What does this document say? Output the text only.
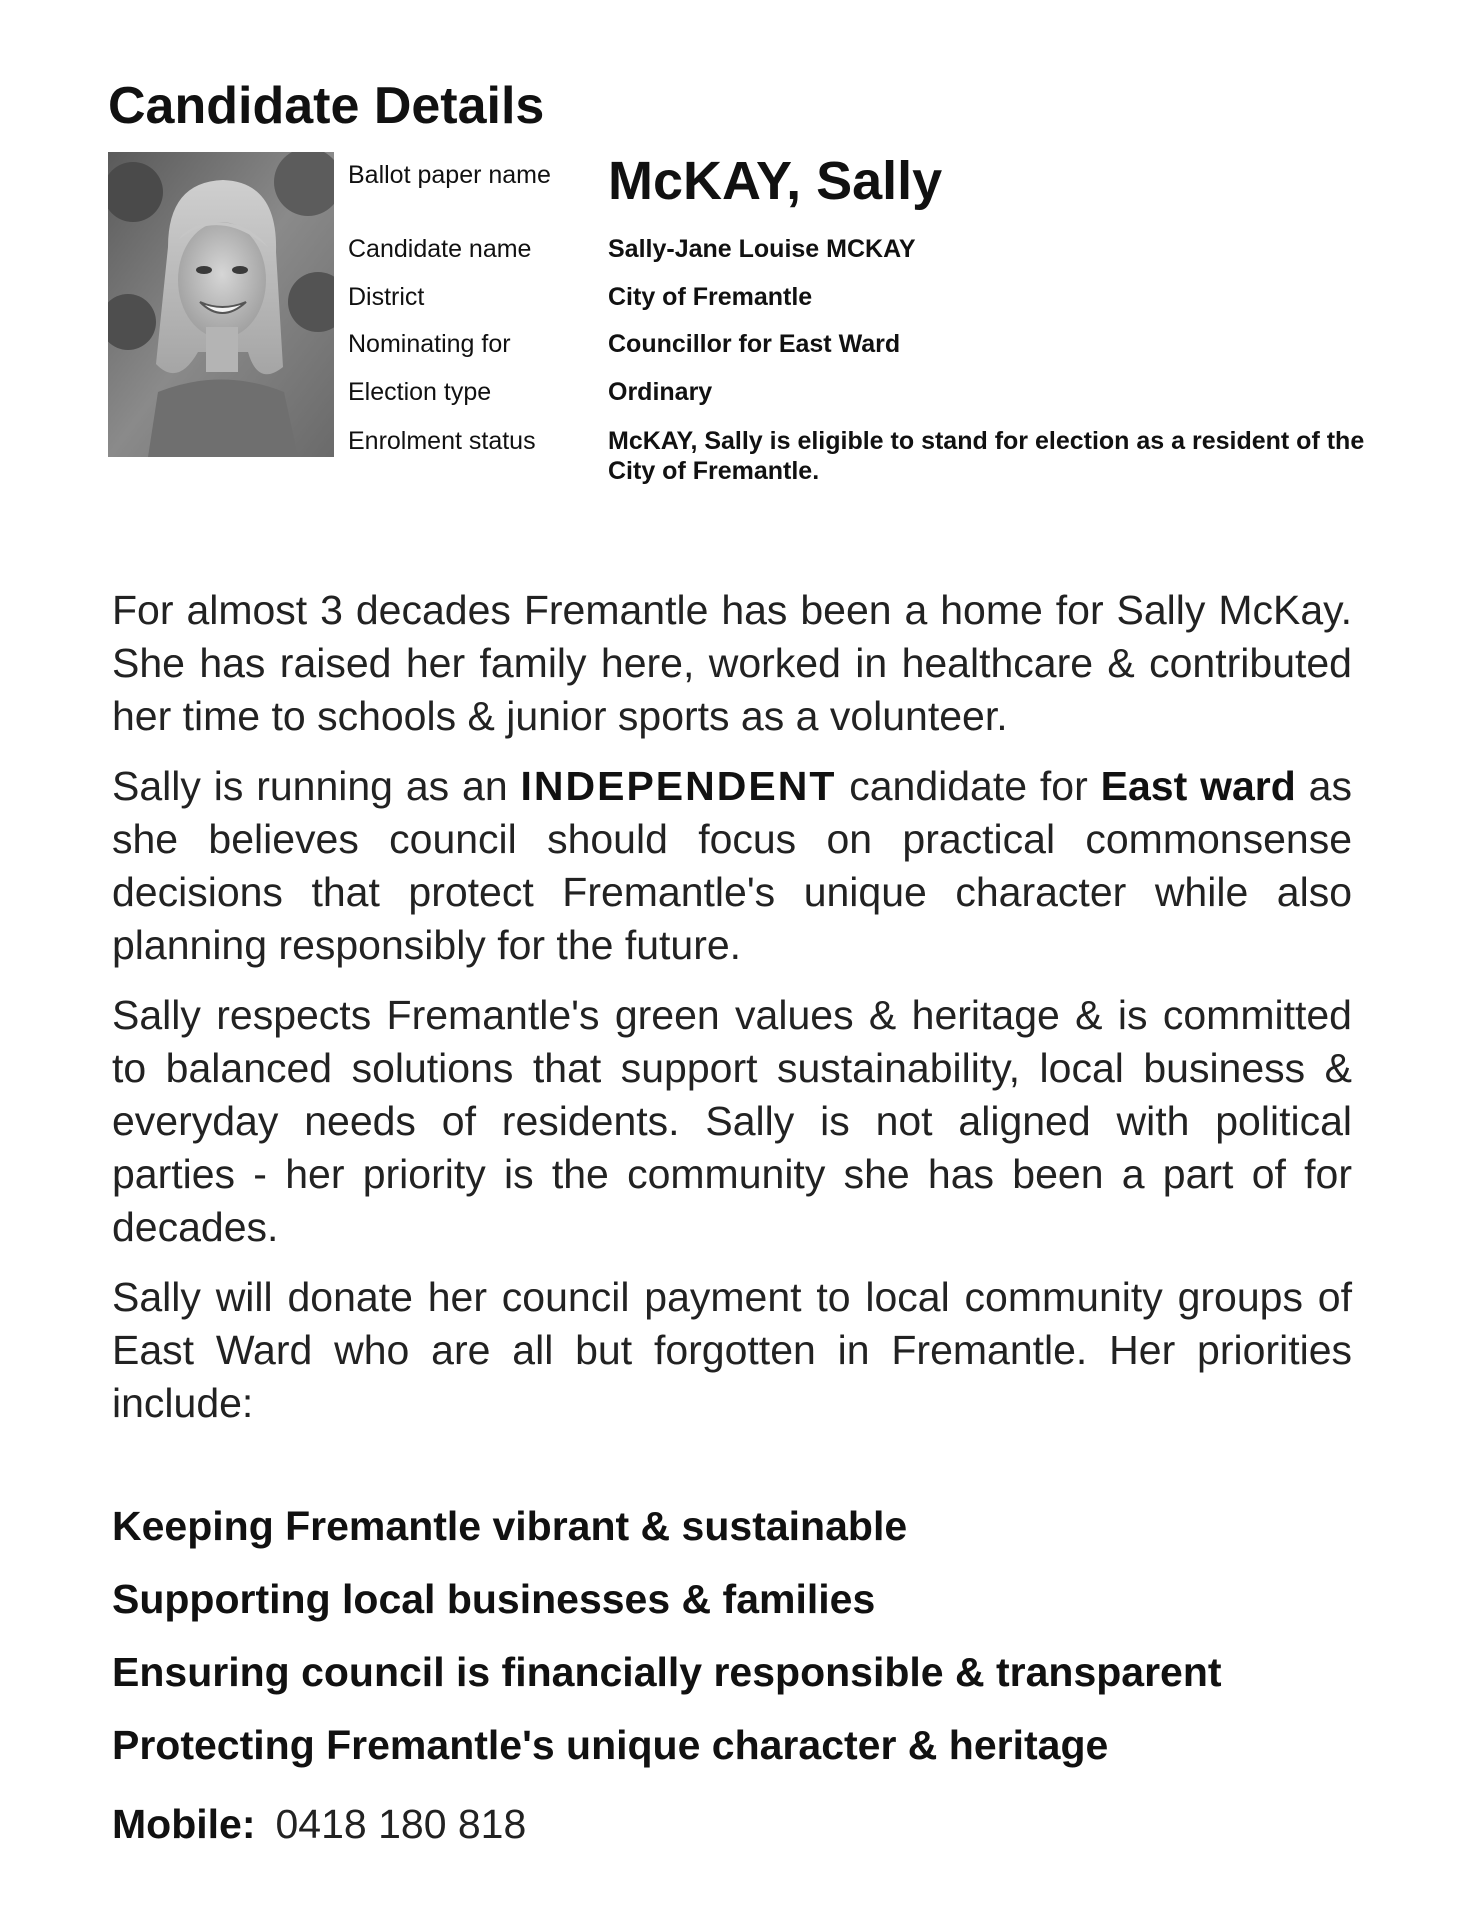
Candidate Details
Ballot paper name McKAY, Sally
Candidate name	Sally-Jane Louise MCKAY
District	City of Fremantle
Nominating for	Councillor for East Ward
Election type	Ordinary
Enrolment status	McKAY, Sally is eligible to stand for election as a resident of the City of Fremantle.

For almost 3 decades Fremantle has been a home for Sally McKay. She has raised her family here, worked in healthcare & contributed her time to schools & junior sports as a volunteer.

Sally is running as an INDEPENDENT candidate for East ward as she believes council should focus on practical commonsense decisions that protect Fremantle's unique character while also planning responsibly for the future.

Sally respects Fremantle's green values & heritage & is committed to balanced solutions that support sustainability, local business & everyday needs of residents. Sally is not aligned with political parties - her priority is the community she has been a part of for decades.

Sally will donate her council payment to local community groups of East Ward who are all but forgotten in Fremantle. Her priorities include:

Keeping Fremantle vibrant & sustainable
Supporting local businesses & families
Ensuring council is financially responsible & transparent
Protecting Fremantle's unique character & heritage
Mobile: 0418 180 818
